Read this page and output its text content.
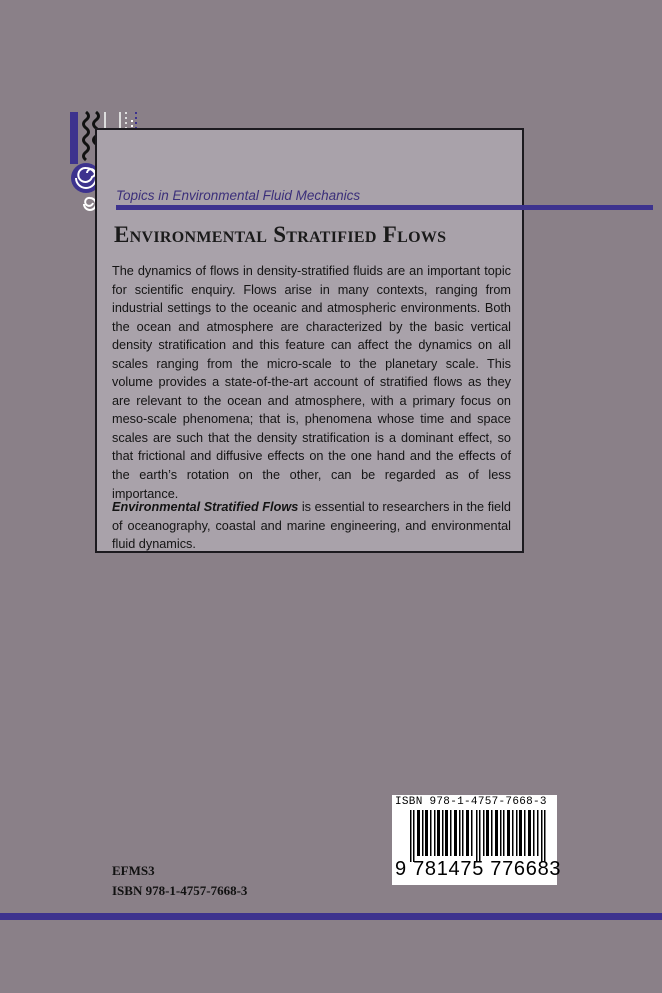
Topics in Environmental Fluid Mechanics
Environmental Stratified Flows

The dynamics of flows in density-stratified fluids are an important topic for scientific enquiry. Flows arise in many contexts, ranging from industrial settings to the oceanic and atmospheric environments. Both the ocean and atmosphere are characterized by the basic vertical density stratification and this feature can affect the dynamics on all scales ranging from the micro-scale to the planetary scale. This volume provides a state-of-the-art account of stratified flows as they are relevant to the ocean and atmosphere, with a primary focus on meso-scale phenomena; that is, phenomena whose time and space scales are such that the density stratification is a dominant effect, so that frictional and diffusive effects on the one hand and the effects of the earth’s rotation on the other, can be regarded as of less importance.

Environmental Stratified Flows is essential to researchers in the field of oceanography, coastal and marine engineering, and environmental fluid dynamics.

ISBN 978-1-4757-7668-3
9 781475 776683
EFMS3
ISBN 978-1-4757-7668-3
